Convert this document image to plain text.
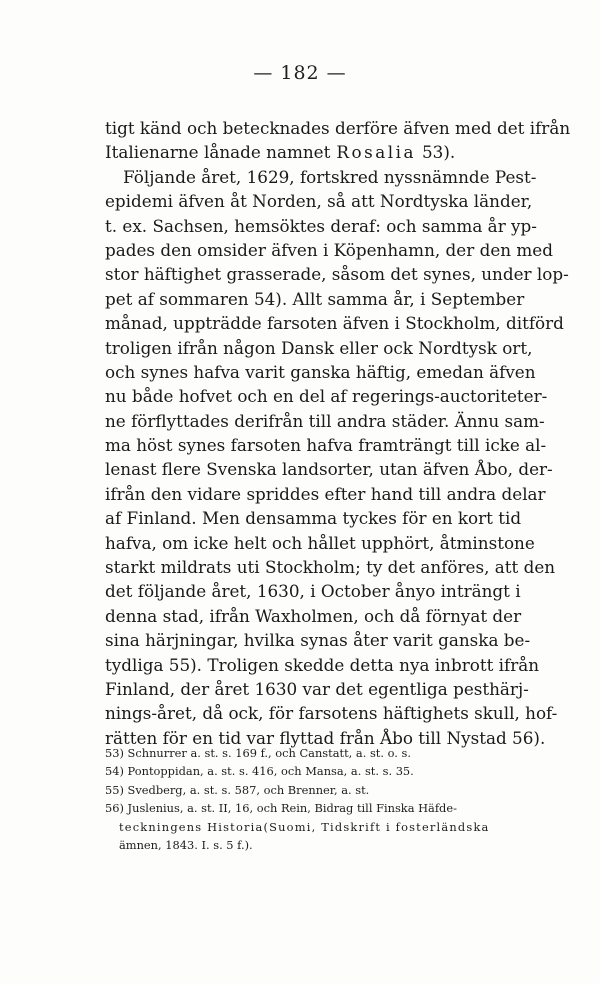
— 182 —
tigt känd och betecknades derföre äfven med det ifrån
Italienarne lånade namnet Rosalia 53).
Följande året, 1629, fortskred nyssnämnde Pest-
epidemi äfven åt Norden, så att Nordtyska länder,
t. ex. Sachsen, hemsöktes deraf: och samma år yp-
pades den omsider äfven i Köpenhamn, der den med
stor häftighet grasserade, såsom det synes, under lop-
pet af sommaren 54). Allt samma år, i September
månad, uppträdde farsoten äfven i Stockholm, ditförd
troligen ifrån någon Dansk eller ock Nordtysk ort,
och synes hafva varit ganska häftig, emedan äfven
nu både hofvet och en del af regerings-auctoriteter-
ne förflyttades derifrån till andra städer. Ännu sam-
ma höst synes farsoten hafva framträngt till icke al-
lenast flere Svenska landsorter, utan äfven Åbo, der-
ifrån den vidare spriddes efter hand till andra delar
af Finland. Men densamma tyckes för en kort tid
hafva, om icke helt och hållet upphört, åtminstone
starkt mildrats uti Stockholm; ty det anföres, att den
det följande året, 1630, i October ånyo inträngt i
denna stad, ifrån Waxholmen, och då förnyat der
sina härjningar, hvilka synas åter varit ganska be-
tydliga 55). Troligen skedde detta nya inbrott ifrån
Finland, der året 1630 var det egentliga pesthärj-
nings-året, då ock, för farsotens häftighets skull, hof-
rätten för en tid var flyttad från Åbo till Nystad 56).
53) Schnurrer a. st. s. 169 f., och Canstatt, a. st. o. s.
54) Pontoppidan, a. st. s. 416, och Mansa, a. st. s. 35.
55) Svedberg, a. st. s. 587, och Brenner, a. st.
56) Juslenius, a. st. II, 16, och Rein, Bidrag till Finska Häfde-
teckningens Historia(Suomi, Tidskrift i fosterländska
ämnen, 1843. I. s. 5 f.).
